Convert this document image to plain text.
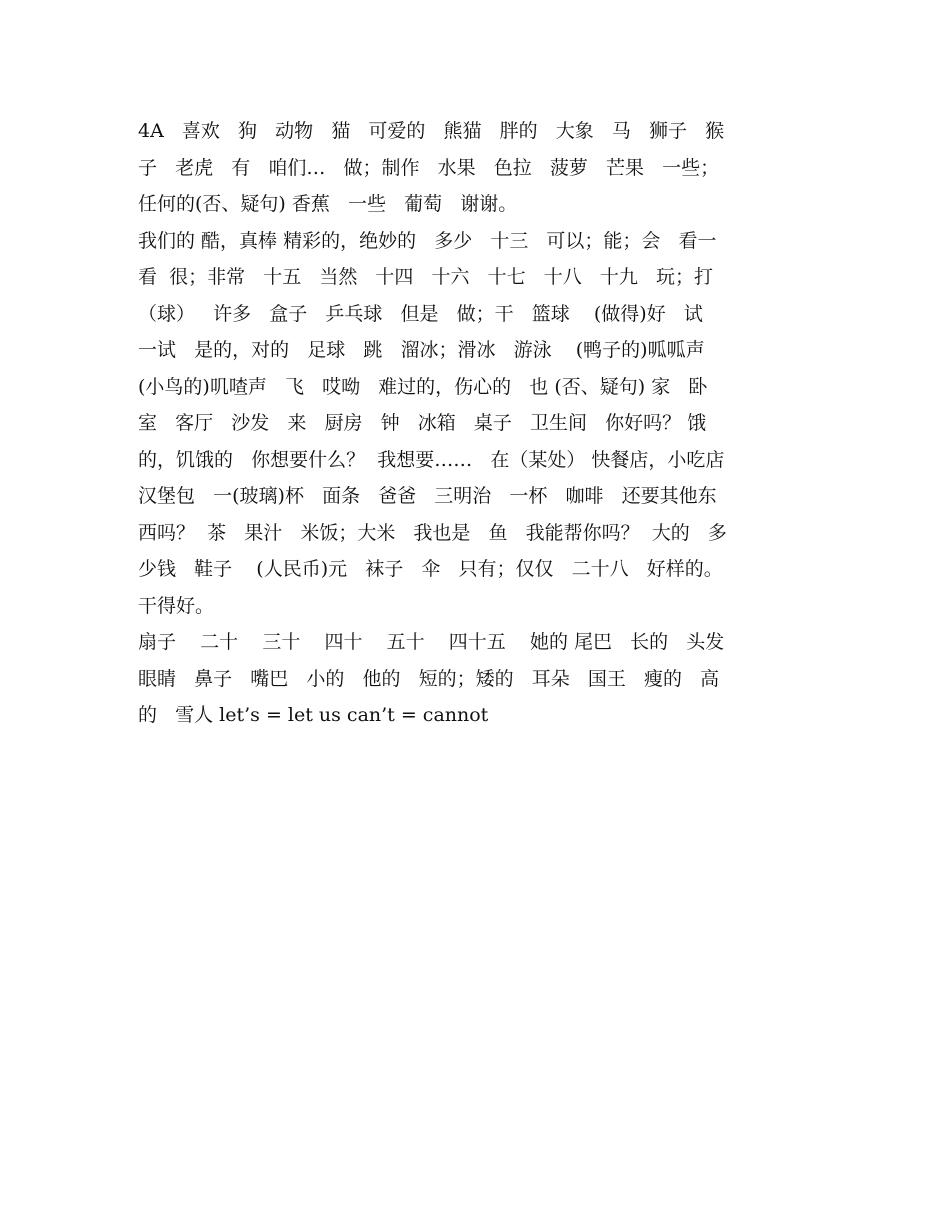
4A   喜欢   狗   动物   猫   可爱的   熊猫   胖的   大象   马   狮子   猴
子   老虎   有   咱们…   做；制作   水果   色拉   菠萝   芒果   一些；
任何的(否、疑句) 香蕉   一些   葡萄   谢谢。
我们的 酷，真棒 精彩的，绝妙的   多少   十三   可以；能；会   看一
看  很；非常   十五   当然   十四   十六   十七   十八   十九   玩；打
（球）   许多   盒子   乒乓球   但是   做；干   篮球    (做得)好   试
一试   是的，对的   足球   跳   溜冰；滑冰   游泳    (鸭子的)呱呱声
(小鸟的)叽喳声   飞   哎呦   难过的，伤心的   也 (否、疑句) 家   卧
室   客厅   沙发   来   厨房   钟   冰箱   桌子   卫生间   你好吗？ 饿
的，饥饿的   你想要什么？  我想要……   在（某处） 快餐店，小吃店
汉堡包   一(玻璃)杯   面条   爸爸   三明治   一杯   咖啡   还要其他东
西吗？  茶   果汁   米饭；大米   我也是   鱼   我能帮你吗？  大的   多
少钱   鞋子    (人民币)元   袜子   伞   只有；仅仅   二十八   好样的。
干得好。
扇子    二十    三十    四十    五十    四十五    她的 尾巴   长的   头发
眼睛   鼻子   嘴巴   小的   他的   短的；矮的   耳朵   国王   瘦的   高
的   雪人 let’s = let us can’t = cannot
